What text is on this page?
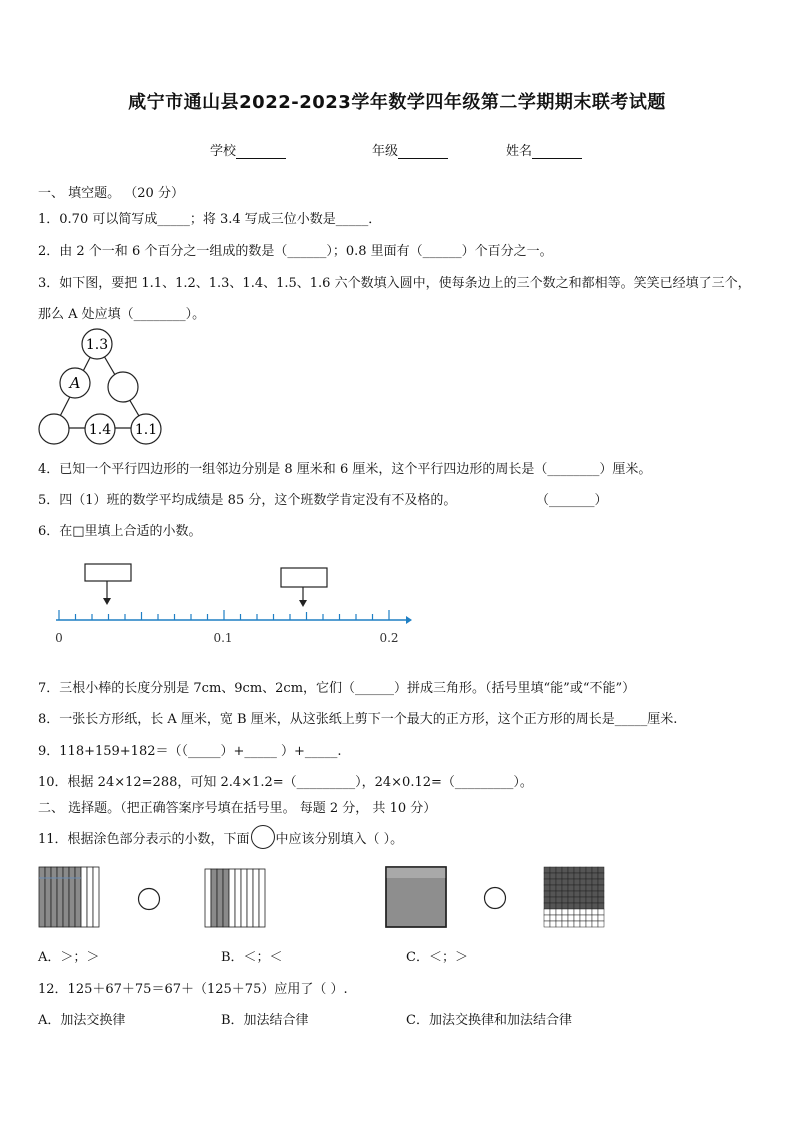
咸宁市通山县2022-2023学年数学四年级第二学期期末联考试题
学校	年级	姓名
一、 填空题。 （20 分）
1．0.70 可以简写成_____；将 3.4 写成三位小数是_____．
2．由 2 个一和 6 个百分之一组成的数是（______）；0.8 里面有（______）个百分之一。
3．如下图，要把 1.1、1.2、1.3、1.4、1.5、1.6 六个数填入圆中，使每条边上的三个数之和都相等。笑笑已经填了三个，
那么 A 处应填（________）。
1.3
A
1.4 1.1
4．已知一个平行四边形的一组邻边分别是 8 厘米和 6 厘米，这个平行四边形的周长是（________）厘米。
5．四（1）班的数学平均成绩是 85 分，这个班数学肯定没有不及格的。	（_______）
6．在□里填上合适的小数。
0	0.1	0.2
7．三根小棒的长度分别是 7cm、9cm、2cm，它们（______）拼成三角形。（括号里填“能”或“不能”）
8．一张长方形纸，长 A 厘米，宽 B 厘米，从这张纸上剪下一个最大的正方形，这个正方形的周长是_____厘米.
9．118+159+182＝（（_____）+_____ ）+_____.
10．根据 24×12=288，可知 2.4×1.2=（_________），24×0.12=（_________）。
二、 选择题。（把正确答案序号填在括号里。 每题 2 分， 共 10 分）
11．根据涂色部分表示的小数，下面 中应该分别填入（ ）。
A．＞；＞	B．＜；＜	C．＜；＞
12．125＋67＋75＝67＋（125＋75）应用了（ ）.
A．加法交换律	B．加法结合律	C．加法交换律和加法结合律
